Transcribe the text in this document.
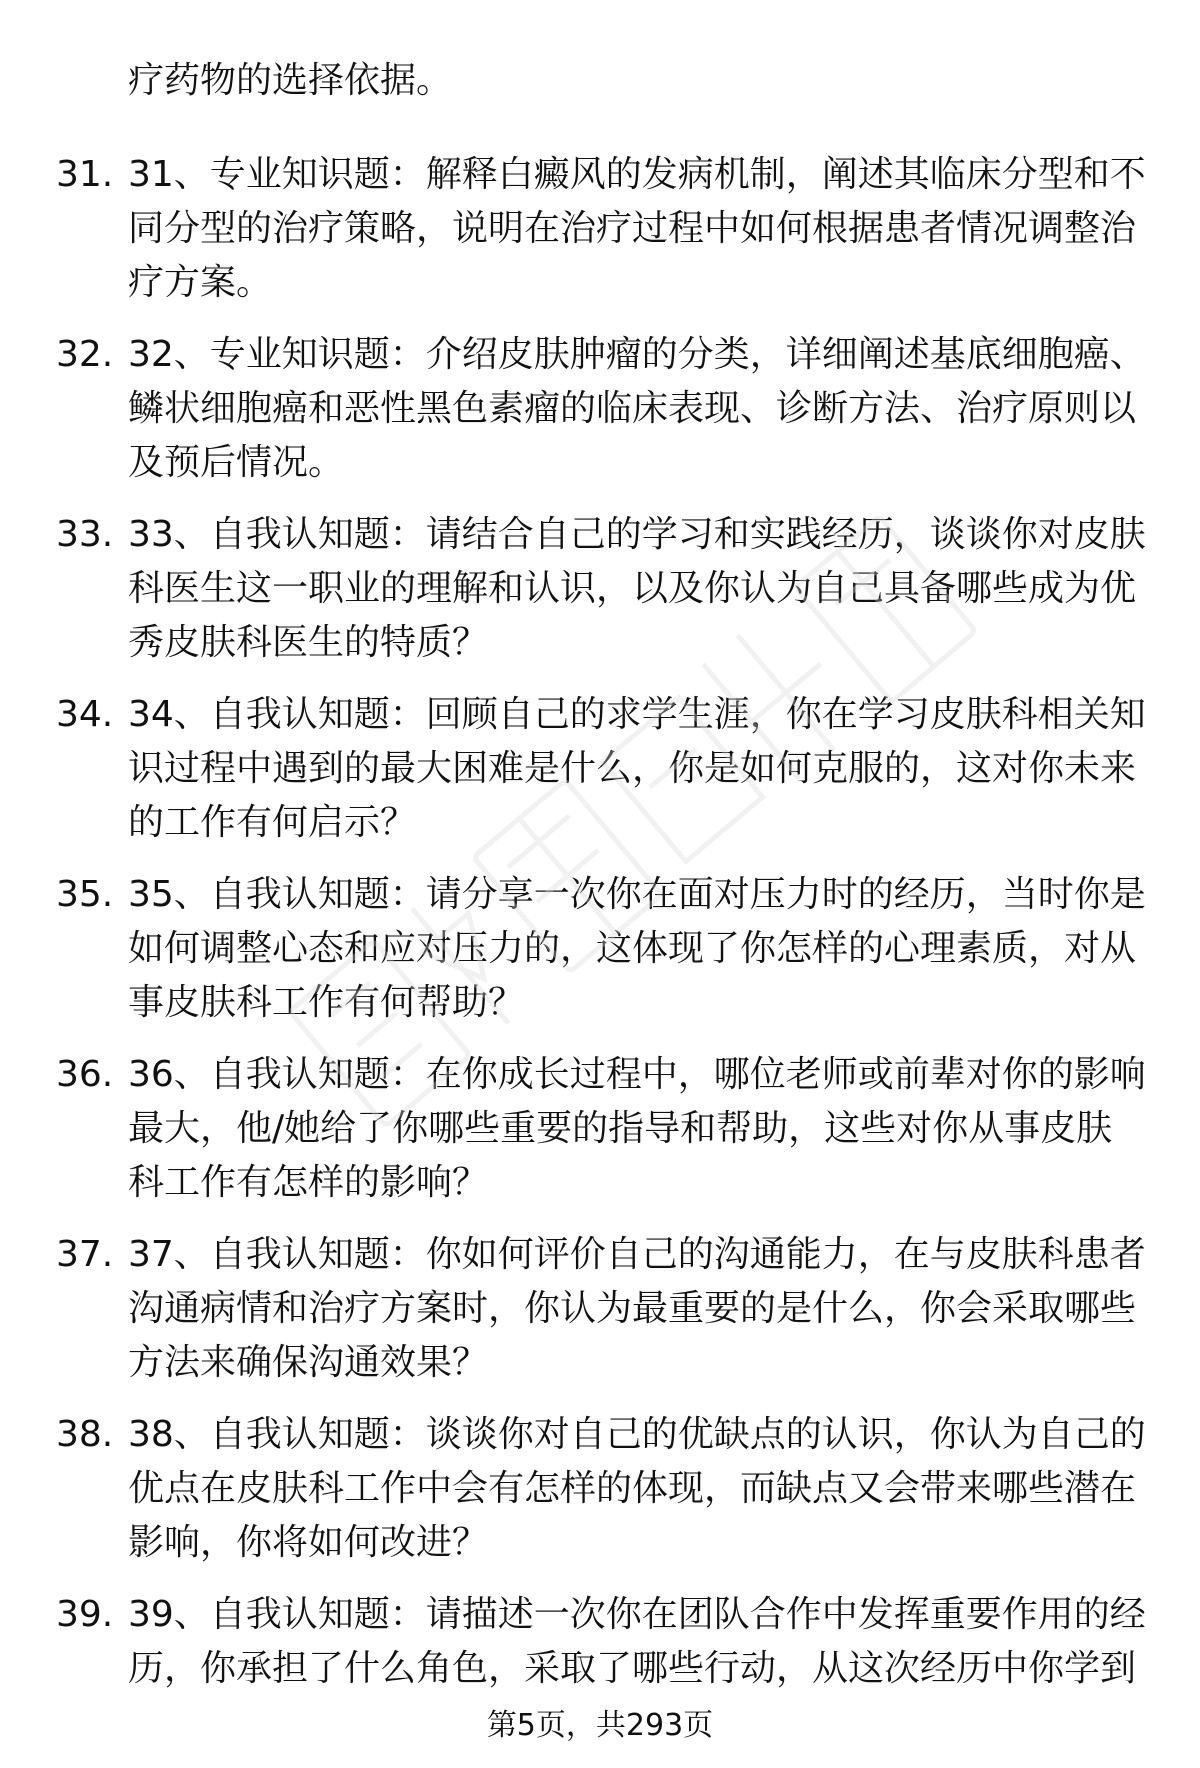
疗药物的选择依据。

31. 31、专业知识题：解释白癜风的发病机制，阐述其临床分型和不同分型的治疗策略，说明在治疗过程中如何根据患者情况调整治疗方案。

32. 32、专业知识题：介绍皮肤肿瘤的分类，详细阐述基底细胞癌、鳞状细胞癌和恶性黑色素瘤的临床表现、诊断方法、治疗原则以及预后情况。

33. 33、自我认知题：请结合自己的学习和实践经历，谈谈你对皮肤科医生这一职业的理解和认识，以及你认为自己具备哪些成为优秀皮肤科医生的特质？

34. 34、自我认知题：回顾自己的求学生涯，你在学习皮肤科相关知识过程中遇到的最大困难是什么，你是如何克服的，这对你未来的工作有何启示？

35. 35、自我认知题：请分享一次你在面对压力时的经历，当时你是如何调整心态和应对压力的，这体现了你怎样的心理素质，对从事皮肤科工作有何帮助？

36. 36、自我认知题：在你成长过程中，哪位老师或前辈对你的影响最大，他/她给了你哪些重要的指导和帮助，这些对你从事皮肤科工作有怎样的影响？

37. 37、自我认知题：你如何评价自己的沟通能力，在与皮肤科患者沟通病情和治疗方案时，你认为最重要的是什么，你会采取哪些方法来确保沟通效果？

38. 38、自我认知题：谈谈你对自己的优缺点的认识，你认为自己的优点在皮肤科工作中会有怎样的体现，而缺点又会带来哪些潜在影响，你将如何改进？

39. 39、自我认知题：请描述一次你在团队合作中发挥重要作用的经历，你承担了什么角色，采取了哪些行动，从这次经历中你学到

第5页，共293页
